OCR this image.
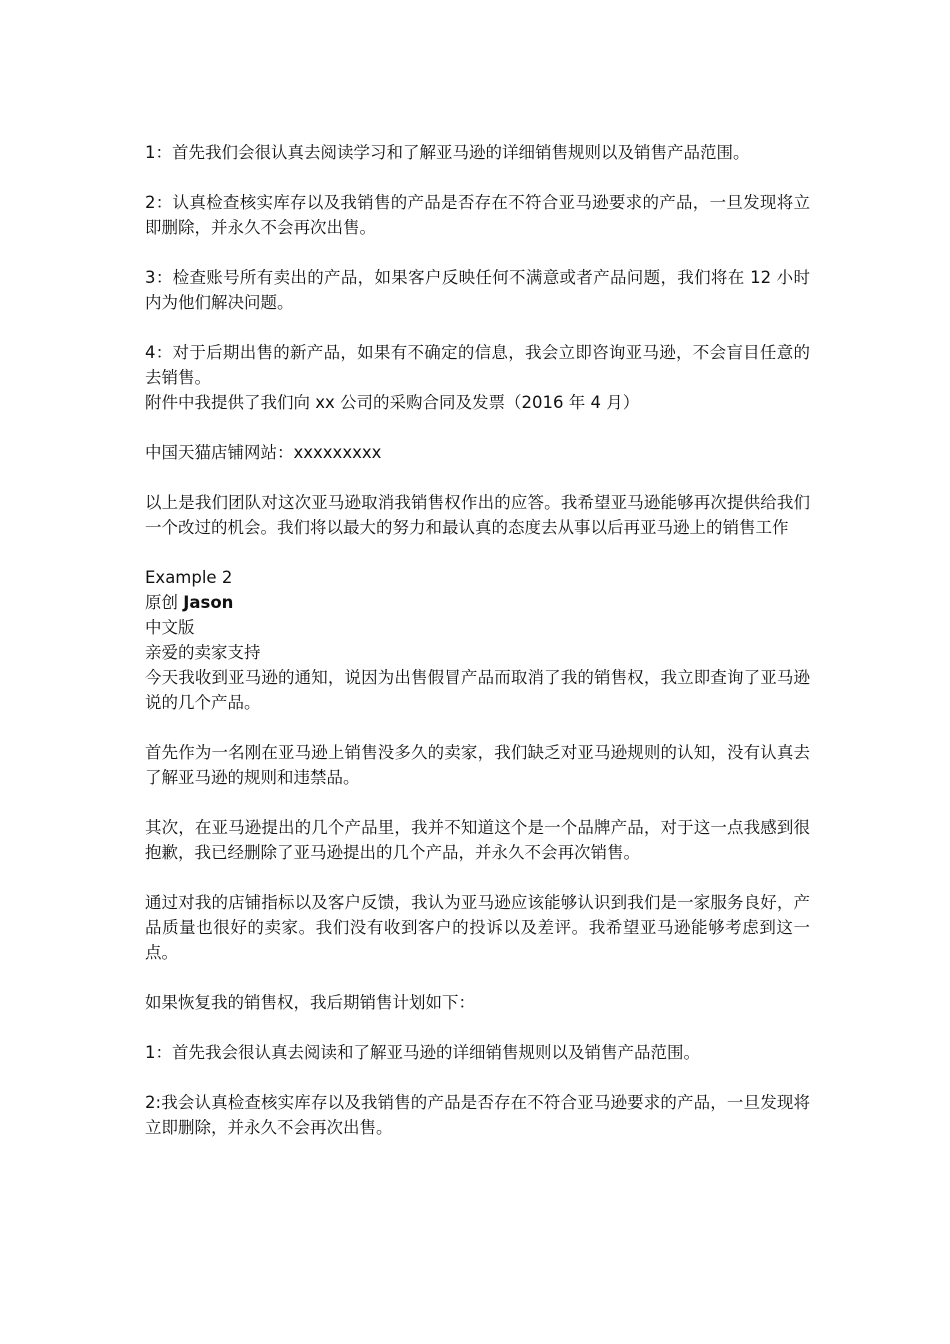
1：首先我们会很认真去阅读学习和了解亚马逊的详细销售规则以及销售产品范围。

2：认真检查核实库存以及我销售的产品是否存在不符合亚马逊要求的产品，一旦发现将立即删除，并永久不会再次出售。

3：检查账号所有卖出的产品，如果客户反映任何不满意或者产品问题，我们将在 12 小时内为他们解决问题。

4：对于后期出售的新产品，如果有不确定的信息，我会立即咨询亚马逊，不会盲目任意的去销售。

附件中我提供了我们向 xx 公司的采购合同及发票（2016 年 4 月）

中国天猫店铺网站：xxxxxxxxx

以上是我们团队对这次亚马逊取消我销售权作出的应答。我希望亚马逊能够再次提供给我们一个改过的机会。我们将以最大的努力和最认真的态度去从事以后再亚马逊上的销售工作

Example 2

原创 Jason

中文版

亲爱的卖家支持

今天我收到亚马逊的通知，说因为出售假冒产品而取消了我的销售权，我立即查询了亚马逊说的几个产品。

首先作为一名刚在亚马逊上销售没多久的卖家，我们缺乏对亚马逊规则的认知，没有认真去了解亚马逊的规则和违禁品。

其次，在亚马逊提出的几个产品里，我并不知道这个是一个品牌产品，对于这一点我感到很抱歉，我已经删除了亚马逊提出的几个产品，并永久不会再次销售。

通过对我的店铺指标以及客户反馈，我认为亚马逊应该能够认识到我们是一家服务良好，产品质量也很好的卖家。我们没有收到客户的投诉以及差评。我希望亚马逊能够考虑到这一点。

如果恢复我的销售权，我后期销售计划如下：

1：首先我会很认真去阅读和了解亚马逊的详细销售规则以及销售产品范围。

2:我会认真检查核实库存以及我销售的产品是否存在不符合亚马逊要求的产品，一旦发现将立即删除，并永久不会再次出售。
